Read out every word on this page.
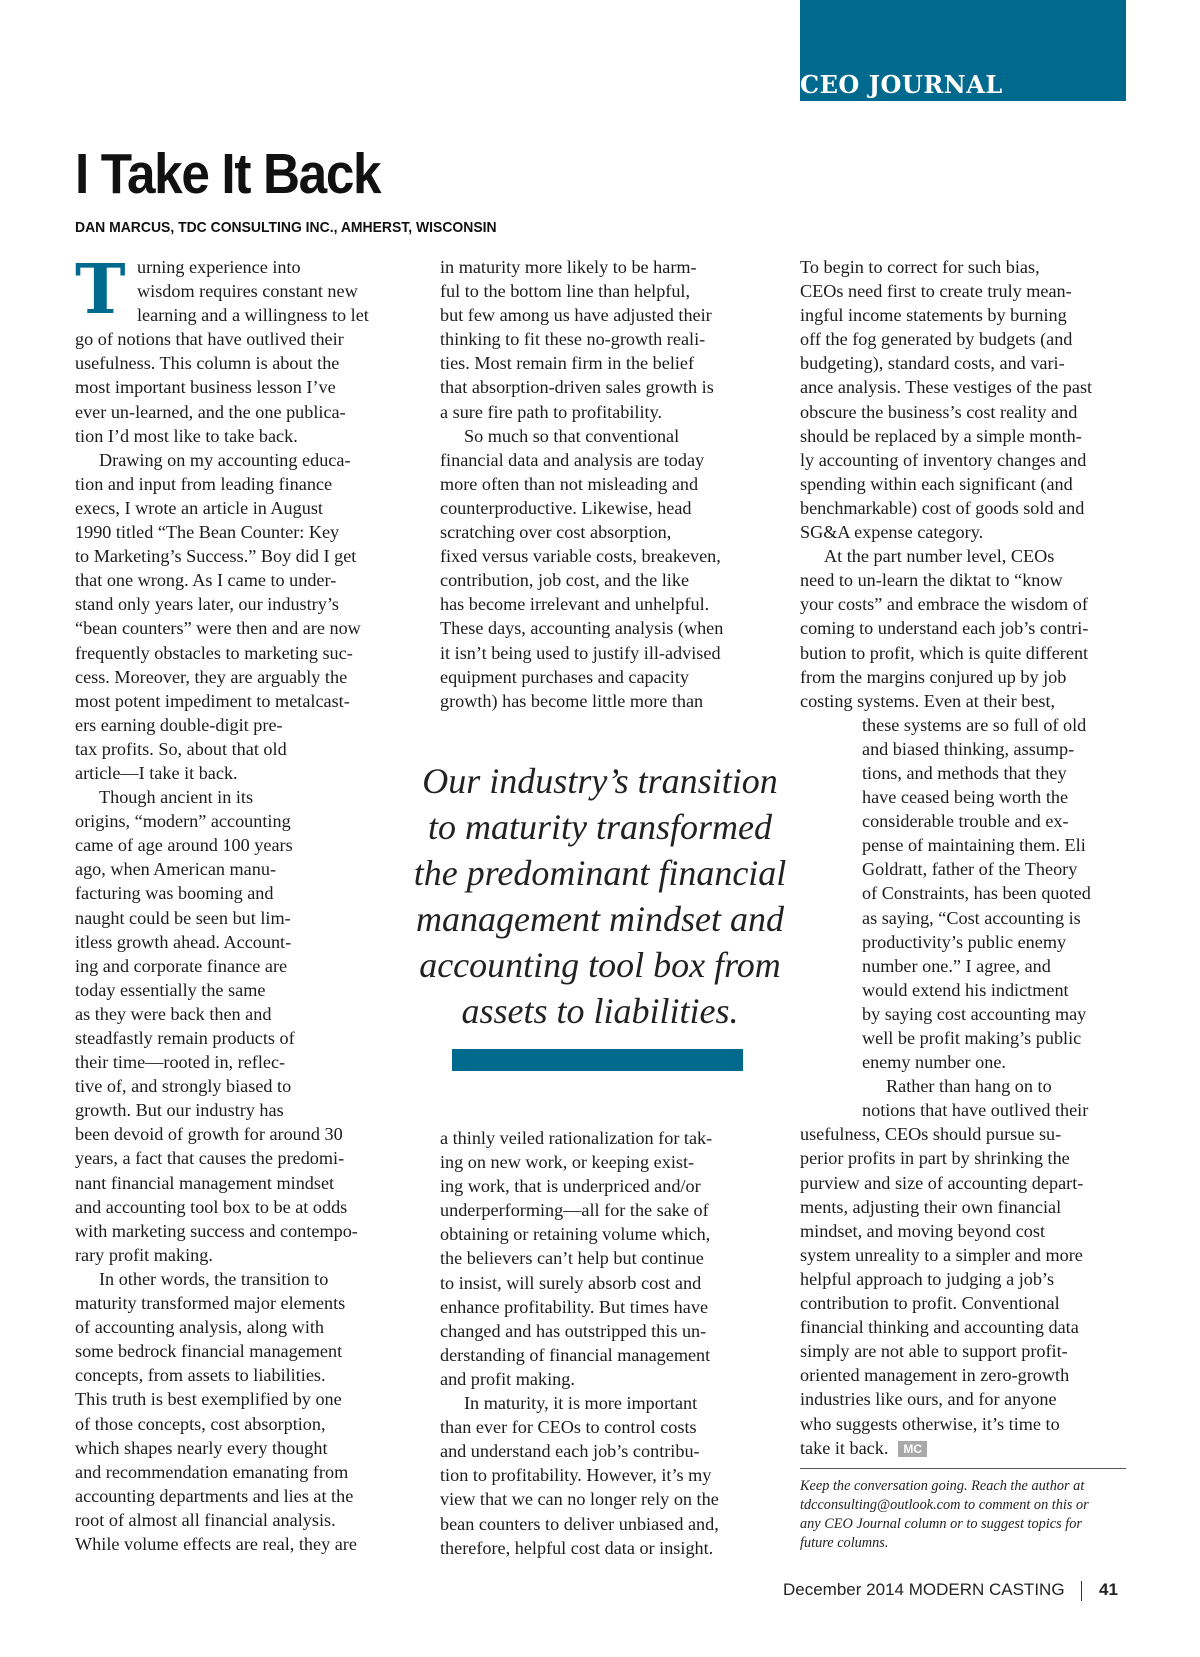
CEO JOURNAL
I Take It Back
DAN MARCUS, TDC CONSULTING INC., AMHERST, WISCONSIN
T urning experience into
wisdom requires constant new
learning and a willingness to let
go of notions that have outlived their
usefulness. This column is about the
most important business lesson I’ve
ever un-learned, and the one publica-
tion I’d most like to take back.
Drawing on my accounting educa-
tion and input from leading finance
execs, I wrote an article in August
1990 titled “The Bean Counter: Key
to Marketing’s Success.” Boy did I get
that one wrong. As I came to under-
stand only years later, our industry’s
“bean counters” were then and are now
frequently obstacles to marketing suc-
cess. Moreover, they are arguably the
most potent impediment to metalcast-
ers earning double-digit pre-
tax profits. So, about that old
article—I take it back.
Though ancient in its
origins, “modern” accounting
came of age around 100 years
ago, when American manu-
facturing was booming and
naught could be seen but lim-
itless growth ahead. Account-
ing and corporate finance are
today essentially the same
as they were back then and
steadfastly remain products of
their time—rooted in, reflec-
tive of, and strongly biased to
growth. But our industry has
been devoid of growth for around 30
years, a fact that causes the predomi-
nant financial management mindset
and accounting tool box to be at odds
with marketing success and contempo-
rary profit making.
In other words, the transition to
maturity transformed major elements
of accounting analysis, along with
some bedrock financial management
concepts, from assets to liabilities.
This truth is best exemplified by one
of those concepts, cost absorption,
which shapes nearly every thought
and recommendation emanating from
accounting departments and lies at the
root of almost all financial analysis.
While volume effects are real, they are
in maturity more likely to be harm-
ful to the bottom line than helpful,
but few among us have adjusted their
thinking to fit these no-growth reali-
ties. Most remain firm in the belief
that absorption-driven sales growth is
a sure fire path to profitability.
So much so that conventional
financial data and analysis are today
more often than not misleading and
counterproductive. Likewise, head
scratching over cost absorption,
fixed versus variable costs, breakeven,
contribution, job cost, and the like
has become irrelevant and unhelpful.
These days, accounting analysis (when
it isn’t being used to justify ill-advised
equipment purchases and capacity
growth) has become little more than
a thinly veiled rationalization for tak-
ing on new work, or keeping exist-
ing work, that is underpriced and/or
underperforming—all for the sake of
obtaining or retaining volume which,
the believers can’t help but continue
to insist, will surely absorb cost and
enhance profitability. But times have
changed and has outstripped this un-
derstanding of financial management
and profit making.
In maturity, it is more important
than ever for CEOs to control costs
and understand each job’s contribu-
tion to profitability. However, it’s my
view that we can no longer rely on the
bean counters to deliver unbiased and,
therefore, helpful cost data or insight.
To begin to correct for such bias,
CEOs need first to create truly mean-
ingful income statements by burning
off the fog generated by budgets (and
budgeting), standard costs, and vari-
ance analysis. These vestiges of the past
obscure the business’s cost reality and
should be replaced by a simple month-
ly accounting of inventory changes and
spending within each significant (and
benchmarkable) cost of goods sold and
SG&A expense category.
At the part number level, CEOs
need to un-learn the diktat to “know
your costs” and embrace the wisdom of
coming to understand each job’s contri-
bution to profit, which is quite different
from the margins conjured up by job
costing systems. Even at their best,
these systems are so full of old
and biased thinking, assump-
tions, and methods that they
have ceased being worth the
considerable trouble and ex-
pense of maintaining them. Eli
Goldratt, father of the Theory
of Constraints, has been quoted
as saying, “Cost accounting is
productivity’s public enemy
number one.” I agree, and
would extend his indictment
by saying cost accounting may
well be profit making’s public
enemy number one.
Rather than hang on to
notions that have outlived their
usefulness, CEOs should pursue su-
perior profits in part by shrinking the
purview and size of accounting depart-
ments, adjusting their own financial
mindset, and moving beyond cost
system unreality to a simpler and more
helpful approach to judging a job’s
contribution to profit. Conventional
financial thinking and accounting data
simply are not able to support profit-
oriented management in zero-growth
industries like ours, and for anyone
who suggests otherwise, it’s time to
take it back. MC
Our industry’s transition
to maturity transformed
the predominant financial
management mindset and
accounting tool box from
assets to liabilities.
Keep the conversation going. Reach the author at
tdcconsulting@outlook.com to comment on this or
any CEO Journal column or to suggest topics for
future columns.
December 2014 MODERN CASTING 41
